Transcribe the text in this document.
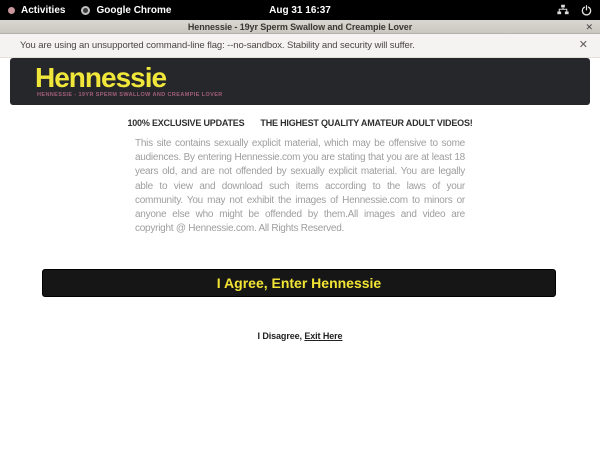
Activities	Google Chrome	Aug 31 16:37
Hennessie - 19yr Sperm Swallow and Creampie Lover	✕
You are using an unsupported command-line flag: --no-sandbox. Stability and security will suffer.	✕
Hennessie
HENNESSIE - 19YR SPERM SWALLOW AND CREAMPIE LOVER
100% EXCLUSIVE UPDATES THE HIGHEST QUALITY AMATEUR ADULT VIDEOS!

This site contains sexually explicit material, which may be offensive to some audiences. By entering Hennessie.com you are stating that you are at least 18 years old, and are not offended by sexually explicit material. You are legally able to view and download such items according to the laws of your community. You may not exhibit the images of Hennessie.com to minors or anyone else who might be offended by them.All images and video are copyright @ Hennessie.com. All Rights Reserved.

I Agree, Enter Hennessie
I Disagree, Exit Here
